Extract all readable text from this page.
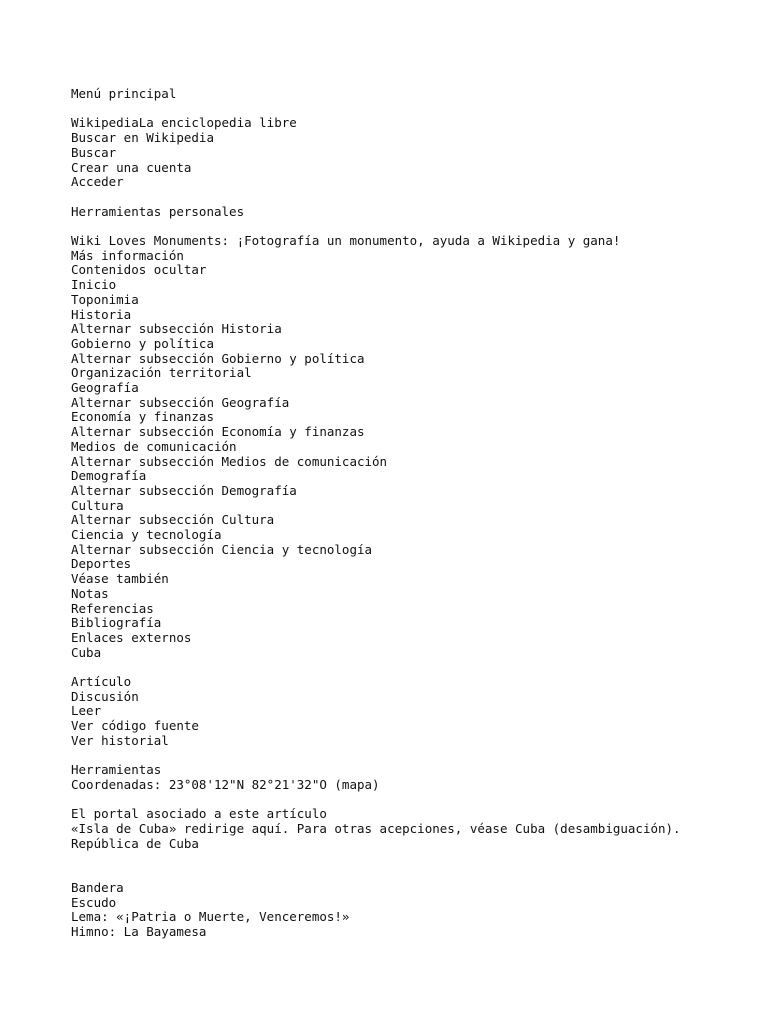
Menú principal
WikipediaLa enciclopedia libre
Buscar en Wikipedia
Buscar
Crear una cuenta
Acceder
Herramientas personales
Wiki Loves Monuments: ¡Fotografía un monumento, ayuda a Wikipedia y gana!
Más información
Contenidos ocultar
Inicio
Toponimia
Historia
Alternar subsección Historia
Gobierno y política
Alternar subsección Gobierno y política
Organización territorial
Geografía
Alternar subsección Geografía
Economía y finanzas
Alternar subsección Economía y finanzas
Medios de comunicación
Alternar subsección Medios de comunicación
Demografía
Alternar subsección Demografía
Cultura
Alternar subsección Cultura
Ciencia y tecnología
Alternar subsección Ciencia y tecnología
Deportes
Véase también
Notas
Referencias
Bibliografía
Enlaces externos
Cuba
Artículo
Discusión
Leer
Ver código fuente
Ver historial
Herramientas
Coordenadas: 23°08'12"N 82°21'32"O (mapa)
El portal asociado a este artículo
«Isla de Cuba» redirige aquí. Para otras acepciones, véase Cuba (desambiguación).
República de Cuba
Bandera
Escudo
Lema: «¡Patria o Muerte, Venceremos!»
Himno: La Bayamesa
